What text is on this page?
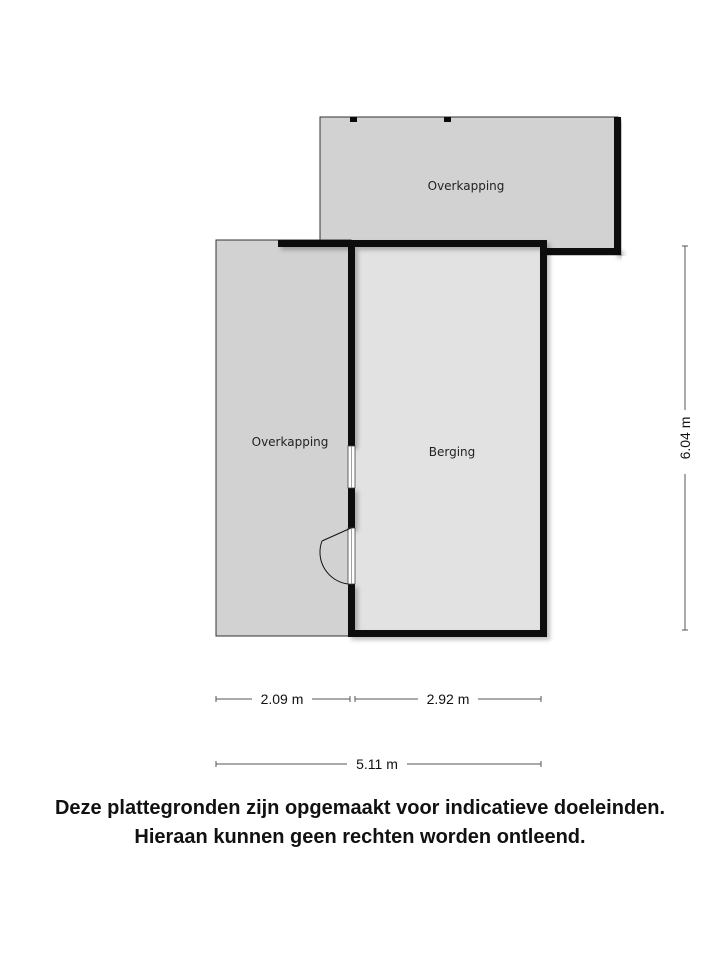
Overkapping
Overkapping
Berging	6.04 m
2.09 m	2.92 m
5.11 m
Deze plattegronden zijn opgemaakt voor indicatieve doeleinden.
Hieraan kunnen geen rechten worden ontleend.
